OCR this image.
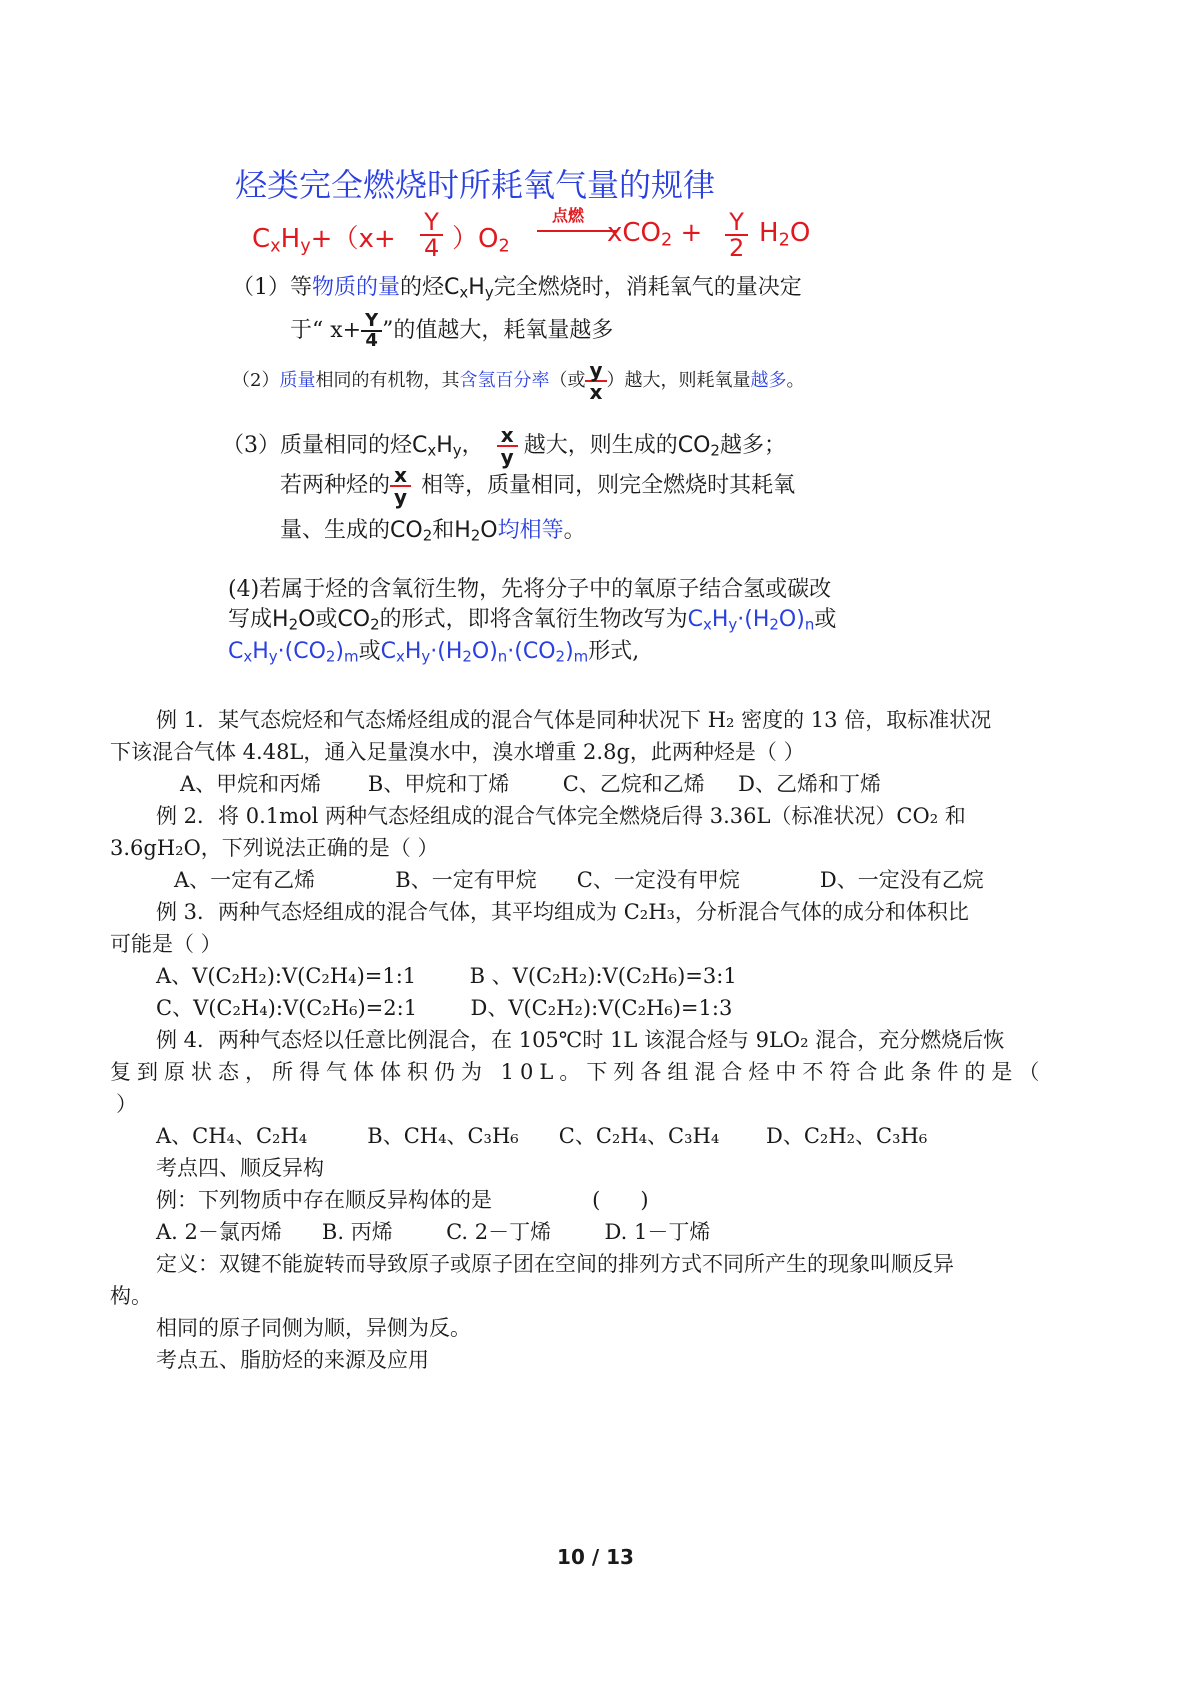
烃类完全燃烧时所耗氧气量的规律
$C_xH_y+(x+ \frac{Y}{4} )O_2$
点燃
$xCO_2 + \frac{Y}{2} H_2O$
（1）等物质的量的烃$C_xH_y$完全燃烧时，消耗氧气的量决定
于“ $x+ \frac{Y}{4}$ ”的值越大，耗氧量越多
（2）质量相同的有机物，其含氢百分率（或 $\frac{y}{x}$ ）越大，则耗氧量越多。
（3）质量相同的烃$C_xH_y$， $\frac{x}{y}$ 越大，则生成的$CO_2$越多；
若两种烃的 $\frac{x}{y}$ 相等，质量相同，则完全燃烧时其耗氧
量、生成的$CO_2$和$H_2O$均相等。
(4)若属于烃的含氧衍生物，先将分子中的氧原子结合氢或碳改
写成$H_2O$或$CO_2$的形式，即将含氧衍生物改写为$C_xH_y\cdot(H_2O)_n$或
$C_xH_y\cdot(CO_2)_m$或$C_xH_y\cdot(H_2O)_n\cdot(CO_2)_m$形式,
例 1．某气态烷烃和气态烯烃组成的混合气体是同种状况下 H₂ 密度的 13 倍，取标准状况
下该混合气体 4.48L，通入足量溴水中，溴水增重 2.8g，此两种烃是（ ）
A、甲烷和丙烯       B、甲烷和丁烯        C、乙烷和乙烯     D、乙烯和丁烯
例 2．将 0.1mol 两种气态烃组成的混合气体完全燃烧后得 3.36L（标准状况）CO₂ 和
3.6gH₂O，下列说法正确的是（ ）
A、一定有乙烯            B、一定有甲烷      C、一定没有甲烷            D、一定没有乙烷
例 3．两种气态烃组成的混合气体，其平均组成为 C₂H₃，分析混合气体的成分和体积比
可能是（ ）
A、V(C₂H₂):V(C₂H₄)=1:1        B 、V(C₂H₂):V(C₂H₆)=3:1
C、V(C₂H₄):V(C₂H₆)=2:1        D、V(C₂H₂):V(C₂H₆)=1:3
例 4．两种气态烃以任意比例混合，在 105℃时 1L 该混合烃与 9LO₂ 混合，充分燃烧后恢
复到原状态，所得气体体积仍为 10L。下列各组混合烃中不符合此条件的是（
）
A、CH₄、C₂H₄         B、CH₄、C₃H₆      C、C₂H₄、C₃H₄       D、C₂H₂、C₃H₆
考点四、顺反异构
例：下列物质中存在顺反异构体的是               (      )
A. 2－氯丙烯      B. 丙烯        C. 2－丁烯        D. 1－丁烯
定义：双键不能旋转而导致原子或原子团在空间的排列方式不同所产生的现象叫顺反异
构。
相同的原子同侧为顺，异侧为反。
考点五、脂肪烃的来源及应用
10 / 13
